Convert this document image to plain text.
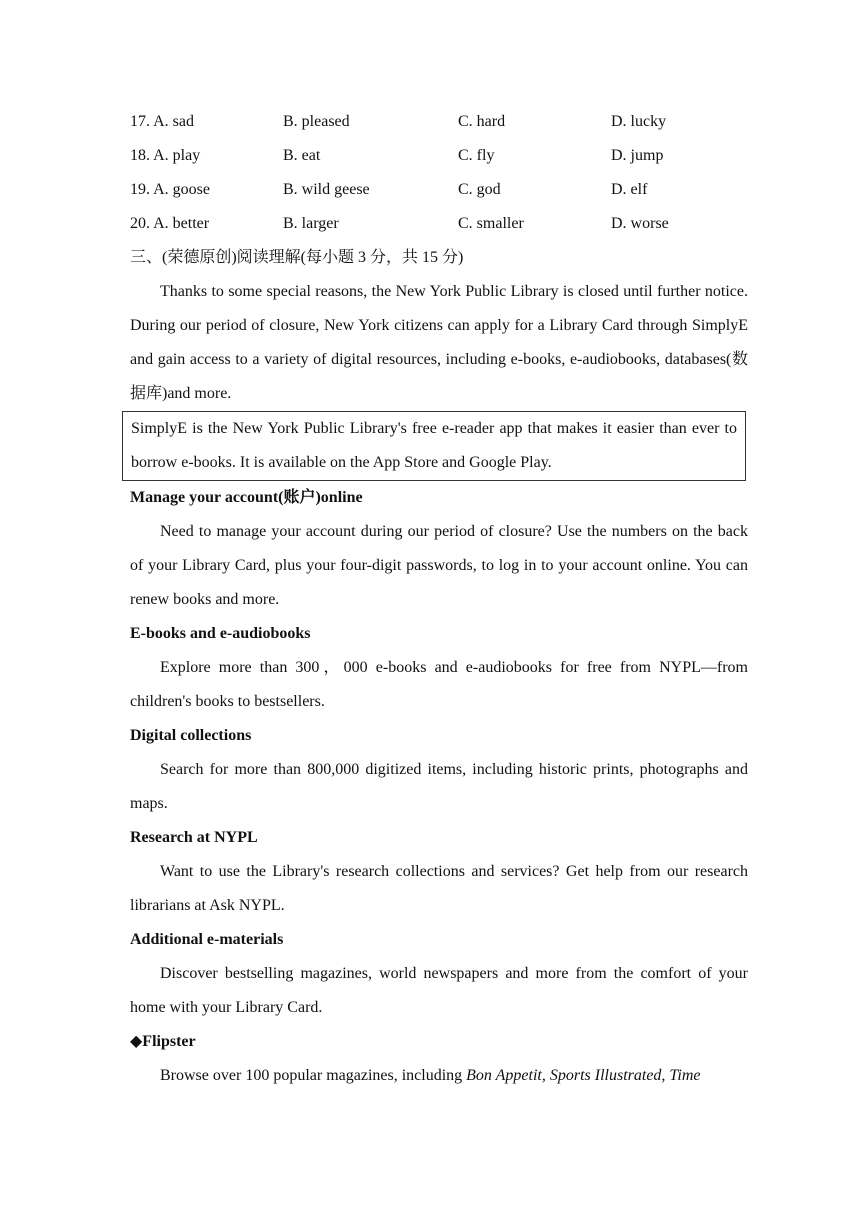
17. A. sad	B. pleased	C. hard	D. lucky
18. A. play	B. eat	C. fly	D. jump
19. A. goose	B. wild geese	C. god	D. elf
20. A. better	B. larger	C. smaller	D. worse

三、(荣德原创)阅读理解(每小题 3 分，共 15 分)

Thanks to some special reasons, the New York Public Library is closed until further notice. During our period of closure, New York citizens can apply for a Library Card through SimplyE and gain access to a variety of digital resources, including e-books, e-audiobooks, databases(数据库)and more.

SimplyE is the New York Public Library's free e-reader app that makes it easier than ever to borrow e-books. It is available on the App Store and Google Play.

Manage your account(账户)online

Need to manage your account during our period of closure? Use the numbers on the back of your Library Card, plus your four-digit passwords, to log in to your account online. You can renew books and more.

E-books and e-audiobooks

Explore more than 300，000 e-books and e-audiobooks for free from NYPL—from children's books to bestsellers.

Digital collections

Search for more than 800,000 digitized items, including historic prints, photographs and maps.

Research at NYPL

Want to use the Library's research collections and services? Get help from our research librarians at Ask NYPL.

Additional e-materials

Discover bestselling magazines, world newspapers and more from the comfort of your home with your Library Card.

◆Flipster

Browse over 100 popular magazines, including Bon Appetit, Sports Illustrated, Time
